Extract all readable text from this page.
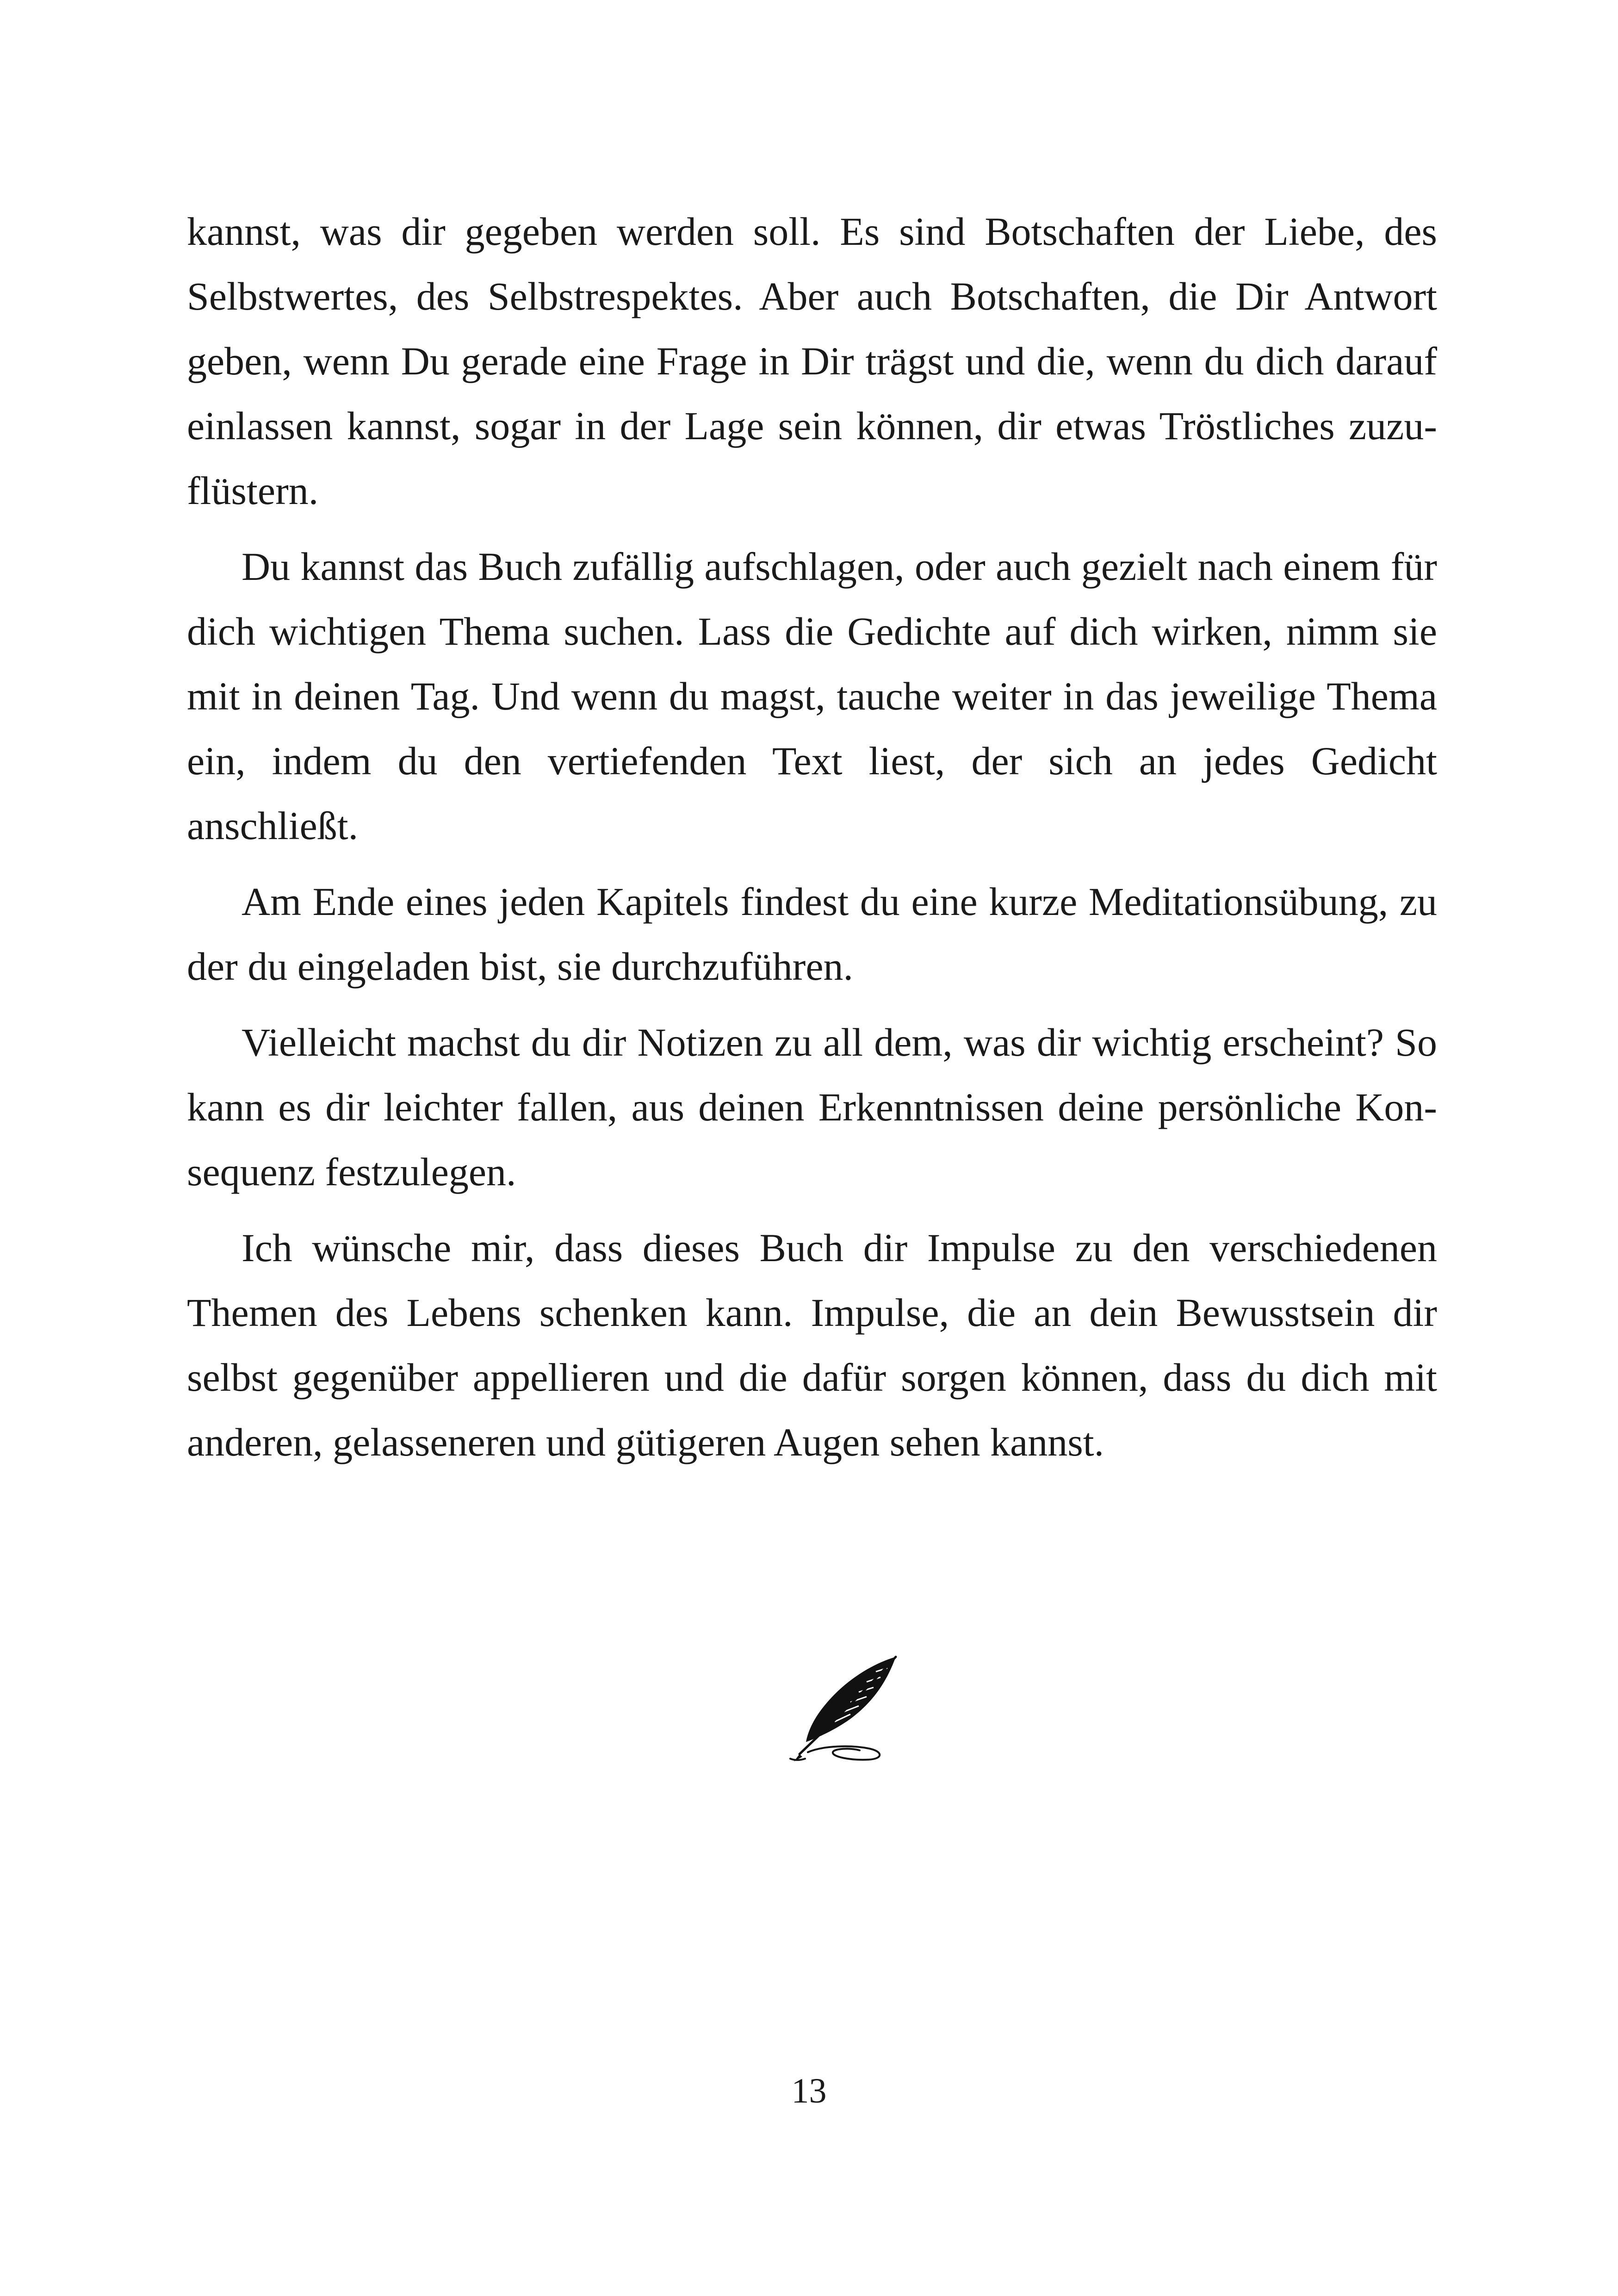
kannst, was dir gegeben werden soll. Es sind Botschaften der Liebe, des Selbstwertes, des Selbstrespektes. Aber auch Botschaften, die Dir Antwort geben, wenn Du gerade eine Frage in Dir trägst und die, wenn du dich darauf einlassen kannst, sogar in der Lage sein können, dir etwas Tröstliches zuzuflüstern.

Du kannst das Buch zufällig aufschlagen, oder auch gezielt nach einem für dich wichtigen Thema suchen. Lass die Gedichte auf dich wirken, nimm sie mit in deinen Tag. Und wenn du magst, tauche weiter in das jeweilige Thema ein, indem du den vertiefenden Text liest, der sich an jedes Gedicht anschließt.

Am Ende eines jeden Kapitels findest du eine kurze Meditationsübung, zu der du eingeladen bist, sie durchzuführen.

Vielleicht machst du dir Notizen zu all dem, was dir wichtig erscheint? So kann es dir leichter fallen, aus deinen Erkenntnissen deine persönliche Konsequenz festzulegen.

Ich wünsche mir, dass dieses Buch dir Impulse zu den verschiedenen Themen des Lebens schenken kann. Impulse, die an dein Bewusstsein dir selbst gegenüber appellieren und die dafür sorgen können, dass du dich mit anderen, gelasseneren und gütigeren Augen sehen kannst.

13
